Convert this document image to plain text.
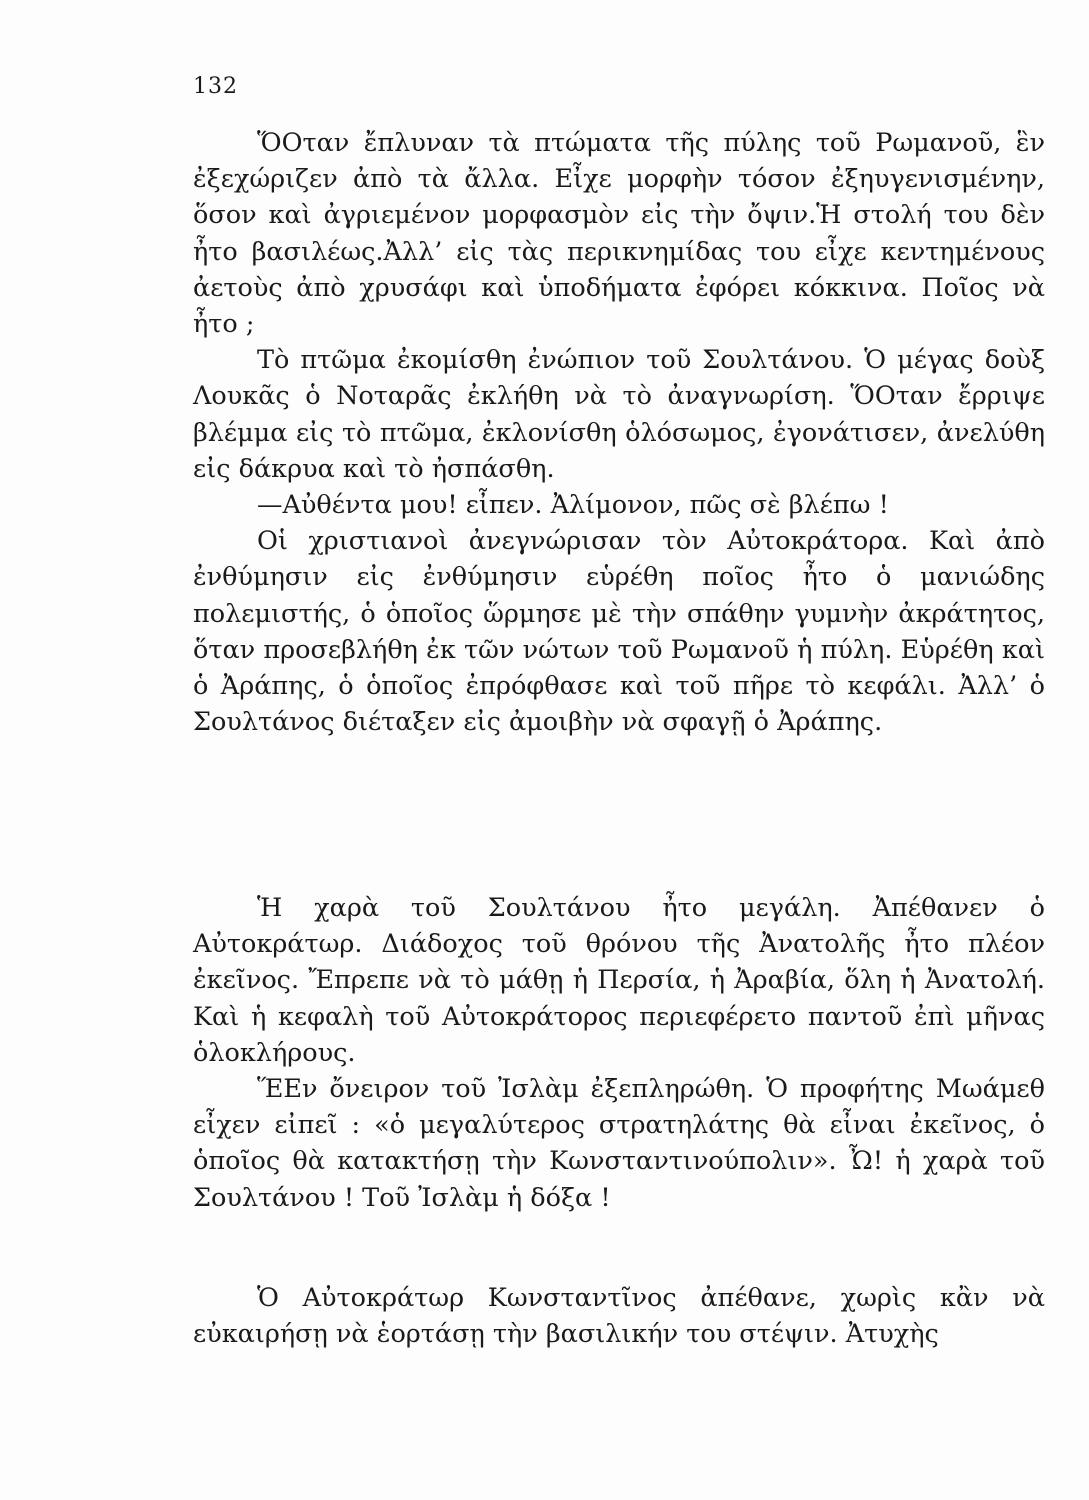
132

ὍΟταν ἔπλυναν τὰ πτώματα τῆς πύλης τοῦ Ρωμανοῦ, ἓν ἐξεχώριζεν ἀπὸ τὰ ἄλλα. Εἶχε μορφὴν τόσον ἐξηυγενισμένην, ὅσον καὶ ἀγριεμένον μορφασμὸν εἰς τὴν ὄψιν.Ἡ στολή του δὲν ἦτο βασιλέως.Ἀλλ’ εἰς τὰς περικνημίδας του εἶχε κεντημένους ἀετοὺς ἀπὸ χρυσάφι καὶ ὑποδήματα ἐφόρει κόκκινα. Ποῖος νὰ ἦτο ;

Τὸ πτῶμα ἐκομίσθη ἐνώπιον τοῦ Σουλτάνου. Ὁ μέγας δοὺξ Λουκᾶς ὁ Νοταρᾶς ἐκλήθη νὰ τὸ ἀναγνωρίση. ὍΟταν ἔρριψε βλέμμα εἰς τὸ πτῶμα, ἐκλονίσθη ὁλόσωμος, ἐγονάτισεν, ἀνελύθη εἰς δάκρυα καὶ τὸ ἠσπάσθη.

—Αὐθέντα μου! εἶπεν. Ἀλίμονον, πῶς σὲ βλέπω !

Οἱ χριστιανοὶ ἀνεγνώρισαν τὸν Αὐτοκράτορα. Καὶ ἀπὸ ἐνθύμησιν εἰς ἐνθύμησιν εὑρέθη ποῖος ἦτο ὁ μανιώδης πολεμιστής, ὁ ὁποῖος ὥρμησε μὲ τὴν σπάθην γυμνὴν ἀκράτητος, ὅταν προσεβλήθη ἐκ τῶν νώτων τοῦ Ρωμανοῦ ἡ πύλη. Εὑρέθη καὶ ὁ Ἀράπης, ὁ ὁποῖος ἐπρόφθασε καὶ τοῦ πῆρε τὸ κεφάλι. Ἀλλ’ ὁ Σουλτάνος διέταξεν εἰς ἀμοιβὴν νὰ σφαγῇ ὁ Ἀράπης.

Ἡ χαρὰ τοῦ Σουλτάνου ἦτο μεγάλη. Ἀπέθανεν ὁ Αὐτοκράτωρ. Διάδοχος τοῦ θρόνου τῆς Ἀνατολῆς ἦτο πλέον ἐκεῖνος. Ἔπρεπε νὰ τὸ μάθῃ ἡ Περσία, ἡ Ἀραβία, ὅλη ἡ Ἀνατολή. Καὶ ἡ κεφαλὴ τοῦ Αὐτοκράτορος περιεφέρετο παντοῦ ἐπὶ μῆνας ὁλοκλήρους.

ἝΕν ὄνειρον τοῦ Ἰσλὰμ ἐξεπληρώθη. Ὁ προφήτης Μωάμεθ εἶχεν εἰπεῖ : «ὁ μεγαλύτερος στρατηλάτης θὰ εἶναι ἐκεῖνος, ὁ ὁποῖος θὰ κατακτήσῃ τὴν Κωνσταντινούπολιν». Ὦ! ἡ χαρὰ τοῦ Σουλτάνου ! Τοῦ Ἰσλὰμ ἡ δόξα !

Ὁ Αὐτοκράτωρ Κωνσταντῖνος ἀπέθανε, χωρὶς κἂν νὰ εὐκαιρήσῃ νὰ ἑορτάσῃ τὴν βασιλικήν του στέψιν. Ἀτυχὴς
